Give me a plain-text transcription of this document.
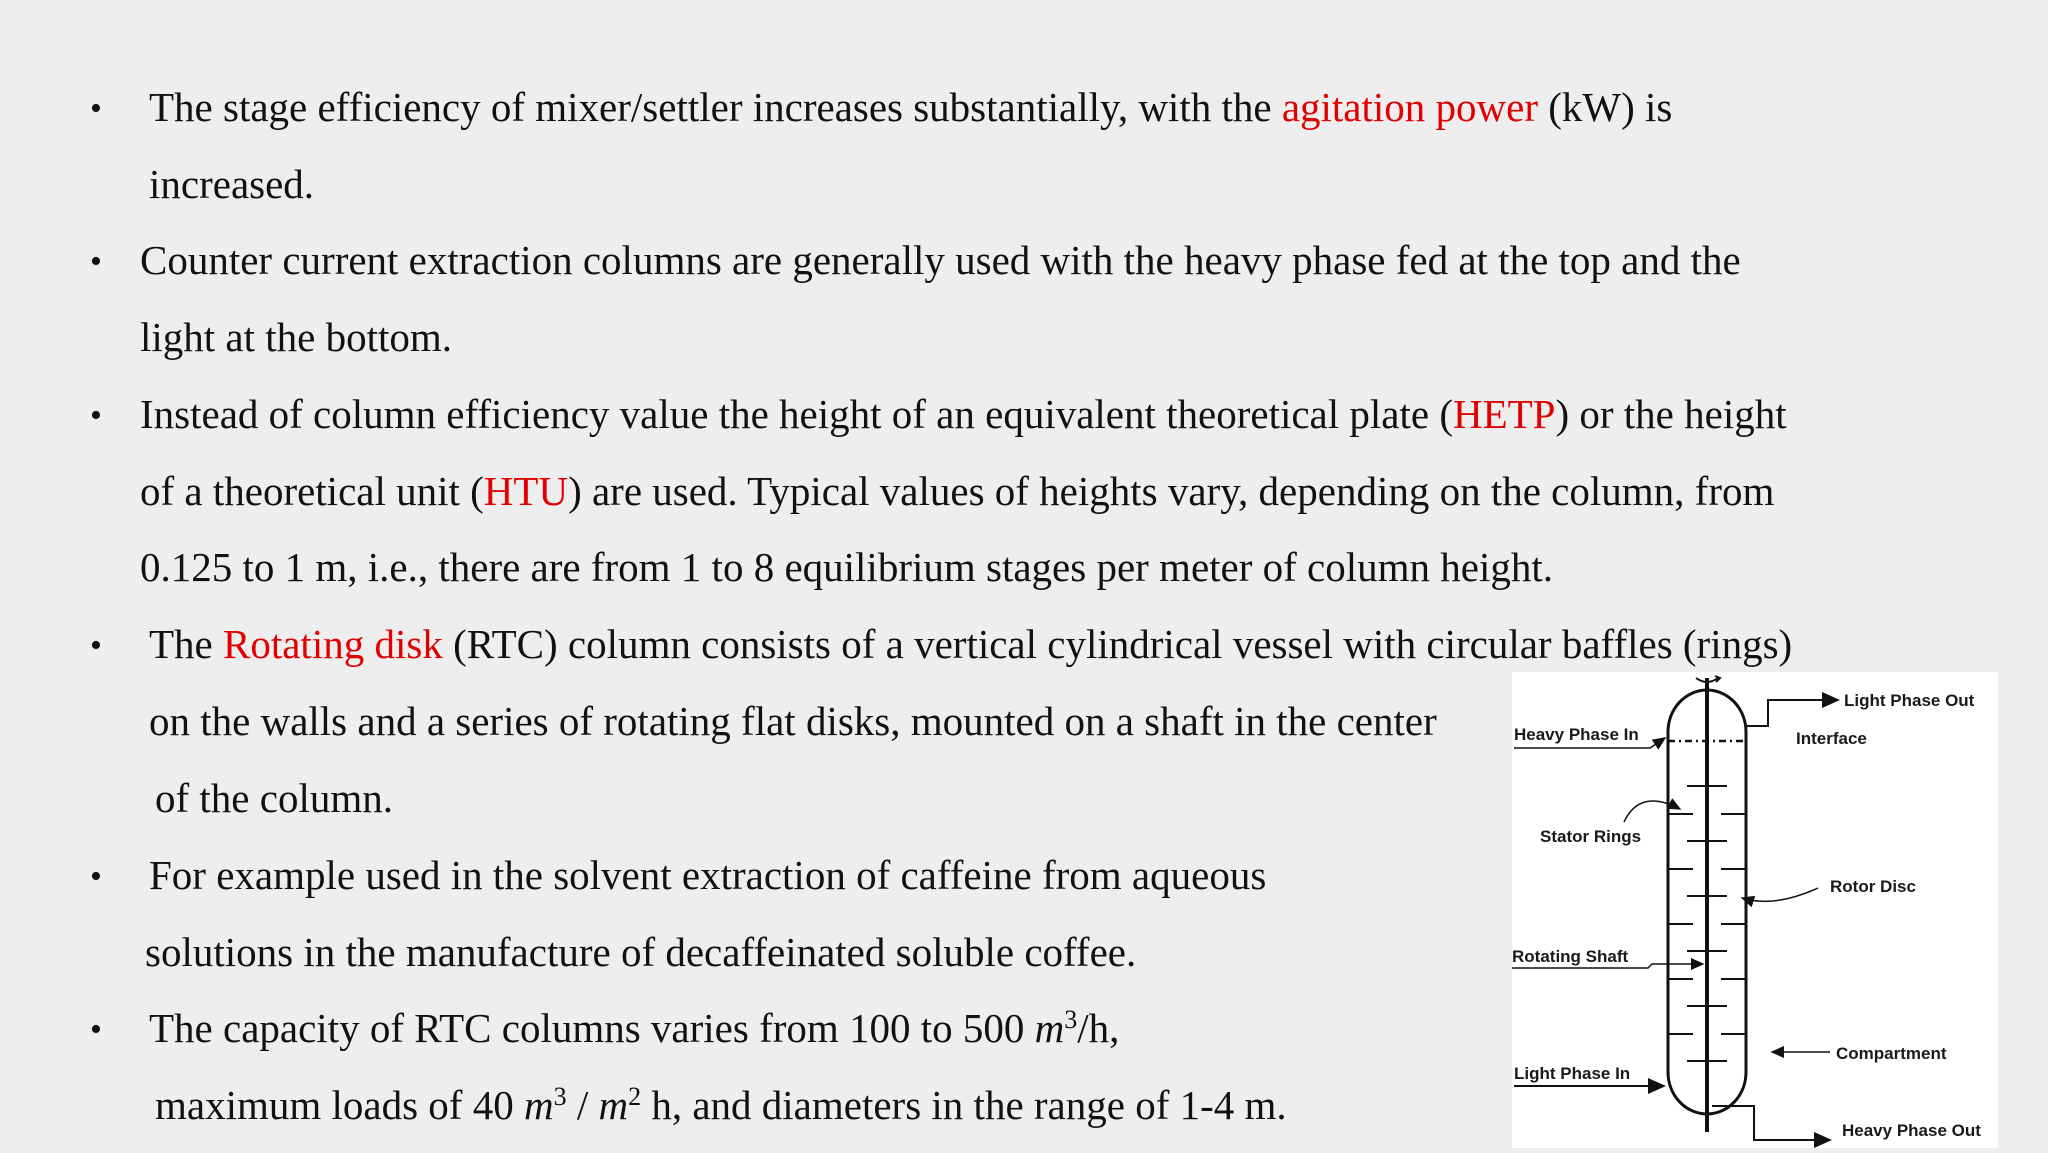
•
•
•
•
•
•
The stage efficiency of mixer/settler increases substantially, with the agitation power (kW) is
increased.
Counter current extraction columns are generally used with the heavy phase fed at the top and the
light at the bottom.
Instead of column efficiency value the height of an equivalent theoretical plate (HETP) or the height
of a theoretical unit (HTU) are used. Typical values of heights vary, depending on the column, from
0.125 to 1 m, i.e., there are from 1 to 8 equilibrium stages per meter of column height.
The Rotating disk (RTC) column consists of a vertical cylindrical vessel with circular baffles (rings)
on the walls and a series of rotating flat disks, mounted on a shaft in the center
of the column.
For example used in the solvent extraction of caffeine from aqueous
solutions in the manufacture of decaffeinated soluble coffee.
The capacity of RTC columns varies from 100 to 500 $m^3/h$,
maximum loads of 40 $m^3 / m^2$ h, and diameters in the range of 1-4 m.
Light Phase Out
Heavy Phase In	Interface
Stator Rings
Rotor Disc
Rotating Shaft
Compartment
Light Phase In
Heavy Phase Out
